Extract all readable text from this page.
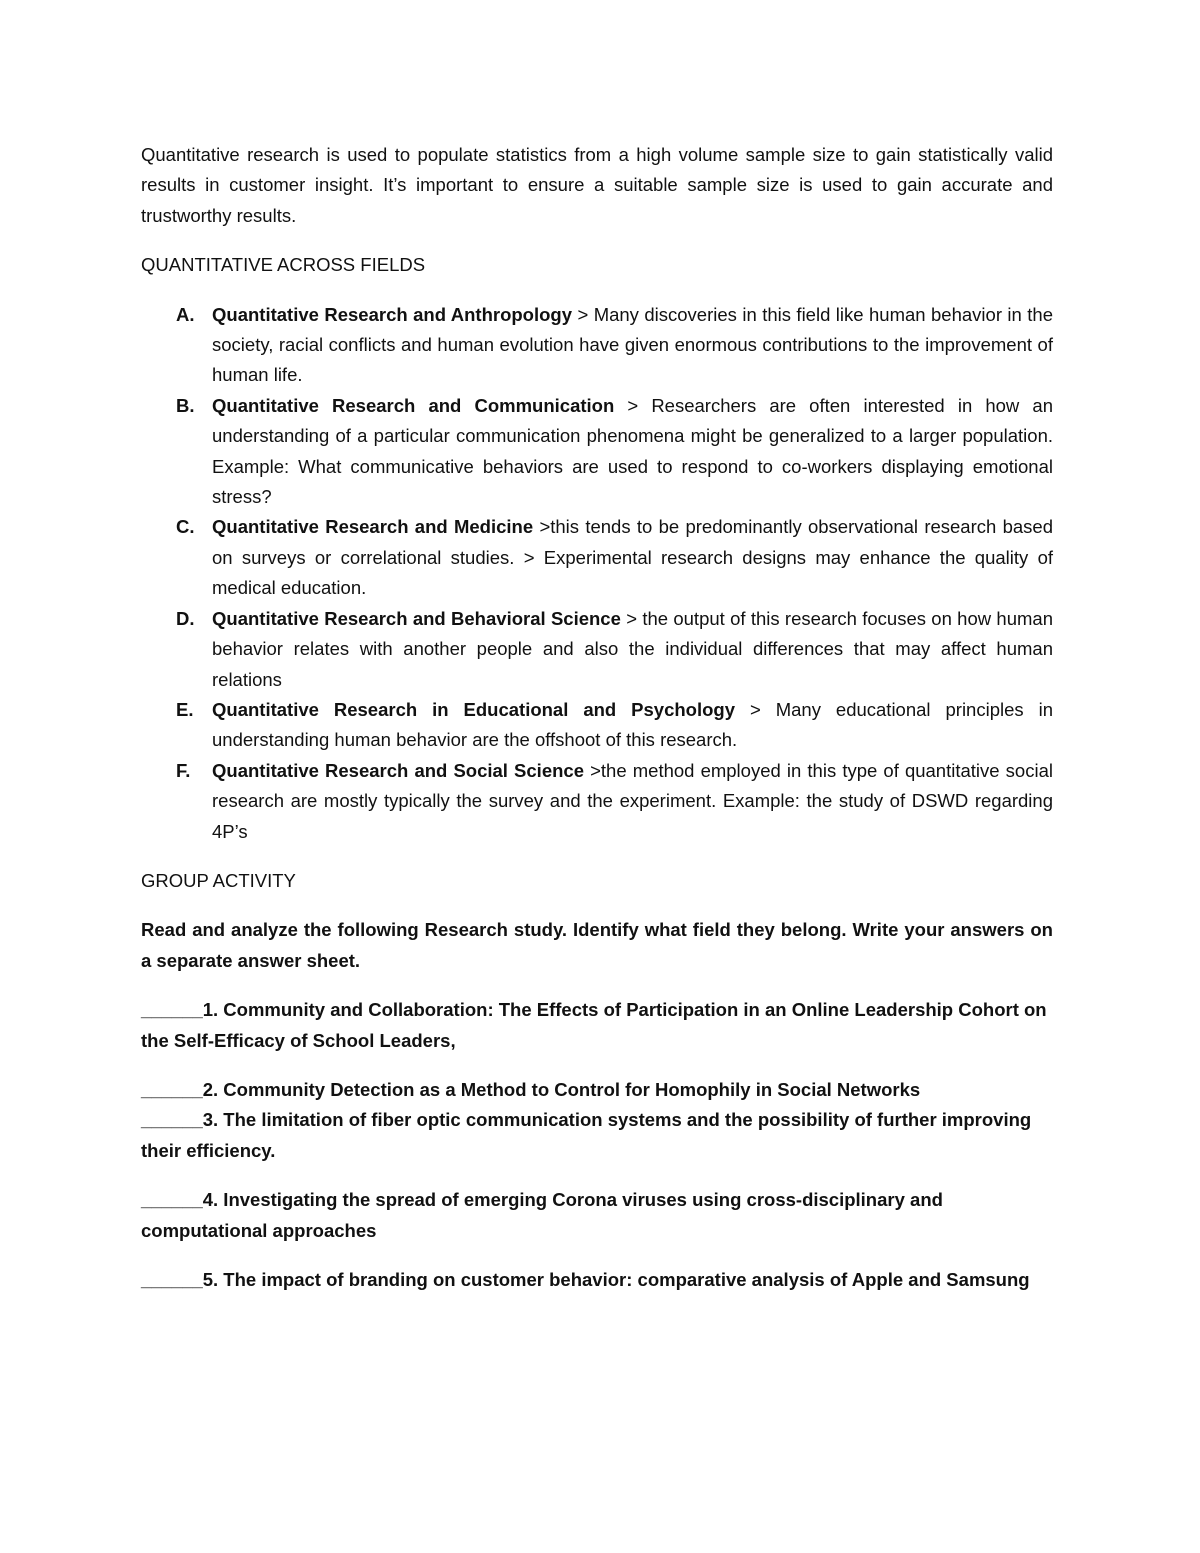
Quantitative research is used to populate statistics from a high volume sample size to gain statistically valid results in customer insight. It’s important to ensure a suitable sample size is used to gain accurate and trustworthy results.

QUANTITATIVE ACROSS FIELDS

A. Quantitative Research and Anthropology > Many discoveries in this field like human behavior in the society, racial conflicts and human evolution have given enormous contributions to the improvement of human life.
B. Quantitative Research and Communication > Researchers are often interested in how an understanding of a particular communication phenomena might be generalized to a larger population. Example: What communicative behaviors are used to respond to co-workers displaying emotional stress?
C. Quantitative Research and Medicine >this tends to be predominantly observational research based on surveys or correlational studies. > Experimental research designs may enhance the quality of medical education.
D. Quantitative Research and Behavioral Science > the output of this research focuses on how human behavior relates with another people and also the individual differences that may affect human relations
E. Quantitative Research in Educational and Psychology > Many educational principles in understanding human behavior are the offshoot of this research.
F. Quantitative Research and Social Science >the method employed in this type of quantitative social research are mostly typically the survey and the experiment. Example: the study of DSWD regarding 4P’s

GROUP ACTIVITY

Read and analyze the following Research study. Identify what field they belong. Write your answers on a separate answer sheet.

______1. Community and Collaboration: The Effects of Participation in an Online Leadership Cohort on the Self-Efficacy of School Leaders,

______2. Community Detection as a Method to Control for Homophily in Social Networks

______3. The limitation of fiber optic communication systems and the possibility of further improving their efficiency.

______4. Investigating the spread of emerging Corona viruses using cross-disciplinary and computational approaches

______5. The impact of branding on customer behavior: comparative analysis of Apple and Samsung
